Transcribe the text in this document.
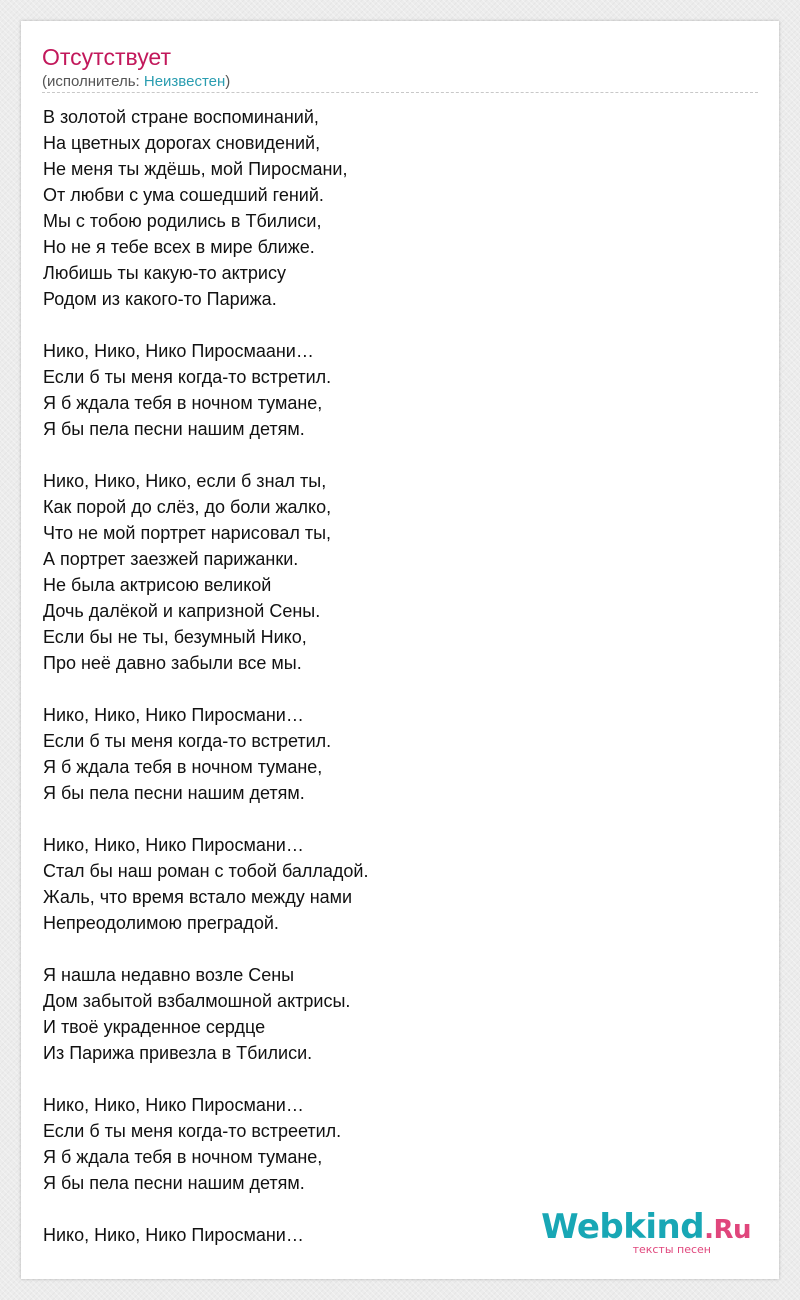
Отсутствует
(исполнитель: Неизвестен)
В золотой стране воспоминаний,
На цветных дорогах сновидений,
Не меня ты ждёшь, мой Пиросмани,
От любви с ума сошедший гений.
Мы с тобою родились в Тбилиси,
Но не я тебе всех в мире ближе.
Любишь ты какую-то актрису
Родом из какого-то Парижа.
Нико, Нико, Нико Пиросмаани…
Если б ты меня когда-то встретил.
Я б ждала тебя в ночном тумане,
Я бы пела песни нашим детям.
Нико, Нико, Нико, если б знал ты,
Как порой до слёз, до боли жалко,
Что не мой портрет нарисовал ты,
А портрет заезжей парижанки.
Не была актрисою великой
Дочь далёкой и капризной Сены.
Если бы не ты, безумный Нико,
Про неё давно забыли все мы.
Нико, Нико, Нико Пиросмани…
Если б ты меня когда-то встретил.
Я б ждала тебя в ночном тумане,
Я бы пела песни нашим детям.
Нико, Нико, Нико Пиросмани…
Стал бы наш роман с тобой балладой.
Жаль, что время встало между нами
Непреодолимою преградой.
Я нашла недавно возле Сены
Дом забытой взбалмошной актрисы.
И твоё украденное сердце
Из Парижа привезла в Тбилиси.
Нико, Нико, Нико Пиросмани…
Если б ты меня когда-то встреетил.
Я б ждала тебя в ночном тумане,
Я бы пела песни нашим детям.
Нико, Нико, Нико Пиросмани…	Webkind.Ru
тексты песен
